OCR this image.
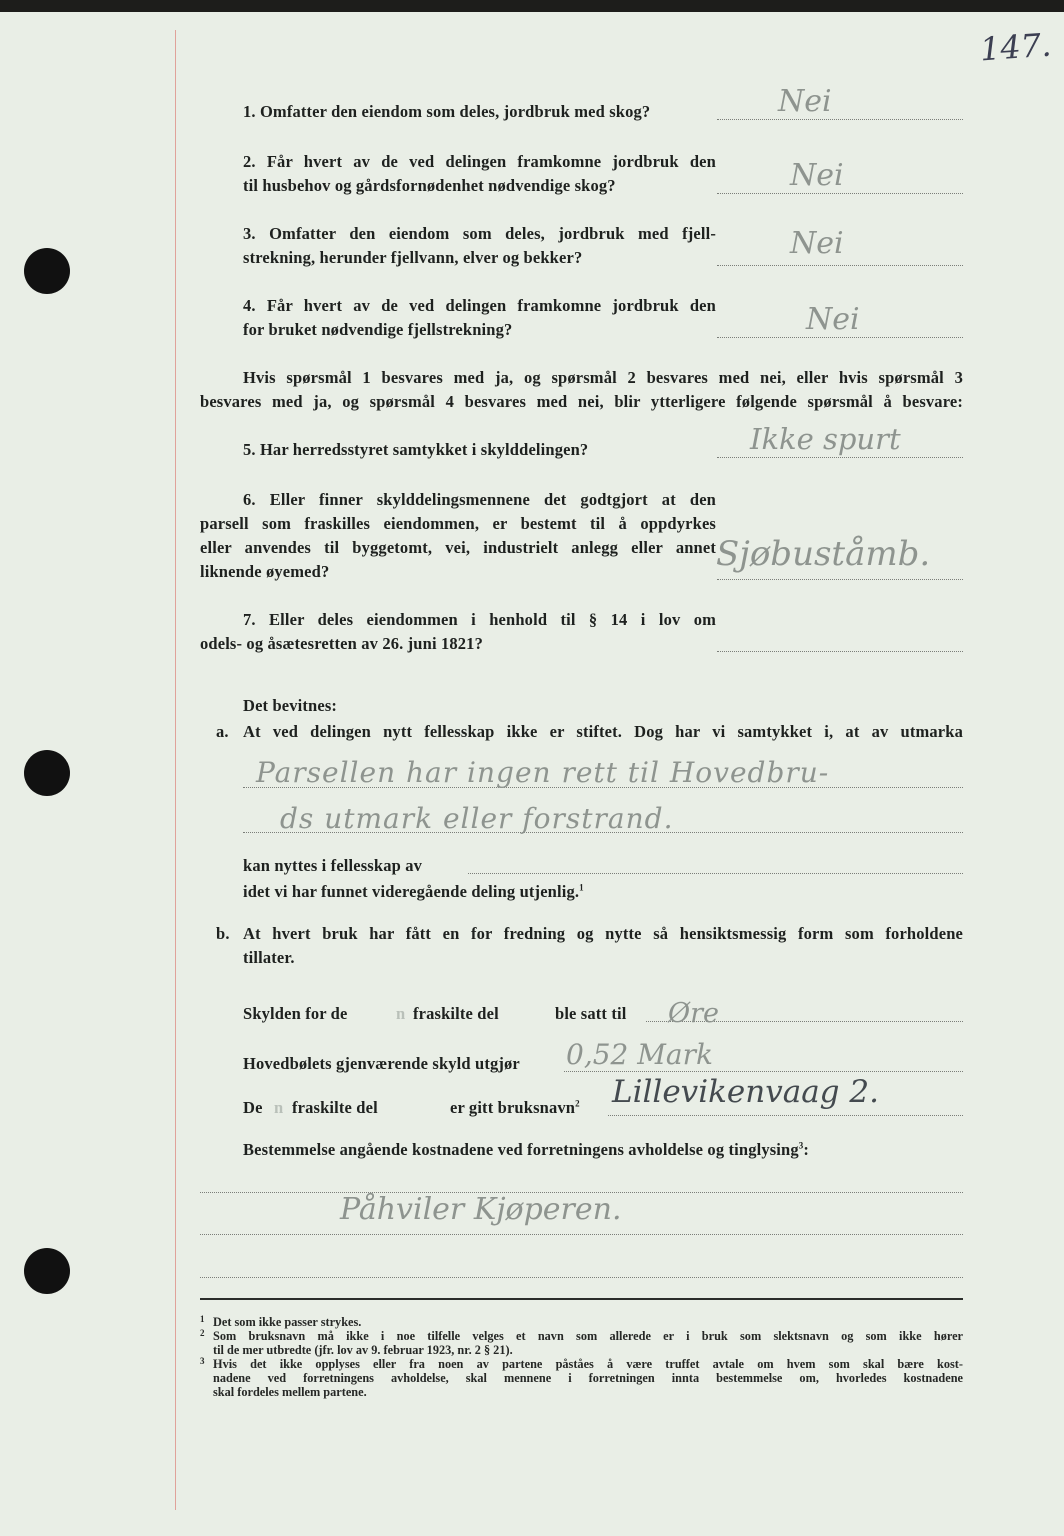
147.
1. Omfatter den eiendom som deles, jordbruk med skog?	Nei
2. Får hvert av de ved delingen framkomne jordbruk den
til husbehov og gårdsfornødenhet nødvendige skog?	Nei
3. Omfatter den eiendom som deles, jordbruk med fjell-
strekning, herunder fjellvann, elver og bekker?	Nei
4. Får hvert av de ved delingen framkomne jordbruk den
for bruket nødvendige fjellstrekning?	Nei
Hvis spørsmål 1 besvares med ja, og spørsmål 2 besvares med nei, eller hvis spørsmål 3
besvares med ja, og spørsmål 4 besvares med nei, blir ytterligere følgende spørsmål å besvare:
5. Har herredsstyret samtykket i skylddelingen?	Ikke spurt
6. Eller finner skylddelingsmennene det godtgjort at den
parsell som fraskilles eiendommen, er bestemt til å oppdyrkes
eller anvendes til byggetomt, vei, industrielt anlegg eller annet
liknende øyemed?	Sjøbuståmb.
7. Eller deles eiendommen i henhold til § 14 i lov om
odels- og åsætesretten av 26. juni 1821?
Det bevitnes:
a. At ved delingen nytt fellesskap ikke er stiftet. Dog har vi samtykket i, at av utmarka
Parsellen har ingen rett til Hovedbru-
ds utmark eller forstrand.
kan nyttes i fellesskap av
idet vi har funnet videregående deling utjenlig.$^1$
b. At hvert bruk har fått en for fredning og nytte så hensiktsmessig form som forholdene
tillater.
Skylden for de	n fraskilte del	ble satt til Øre
Hovedbølets gjenværende skyld utgjør 0,52 Mark
De n fraskilte del	er gitt bruksnavn$^2$ Lillevikenvaag 2.
Bestemmelse angående kostnadene ved forretningens avholdelse og tinglysing$^3$:
Påhviler Kjøperen.
1 Det som ikke passer strykes.
2 Som bruksnavn må ikke i noe tilfelle velges et navn som allerede er i bruk som slektsnavn og som ikke hører
til de mer utbredte (jfr. lov av 9. februar 1923, nr. 2 § 21).
3 Hvis det ikke opplyses eller fra noen av partene påståes å være truffet avtale om hvem som skal bære kost-
nadene ved forretningens avholdelse, skal mennene i forretningen innta bestemmelse om, hvorledes kostnadene
skal fordeles mellem partene.
